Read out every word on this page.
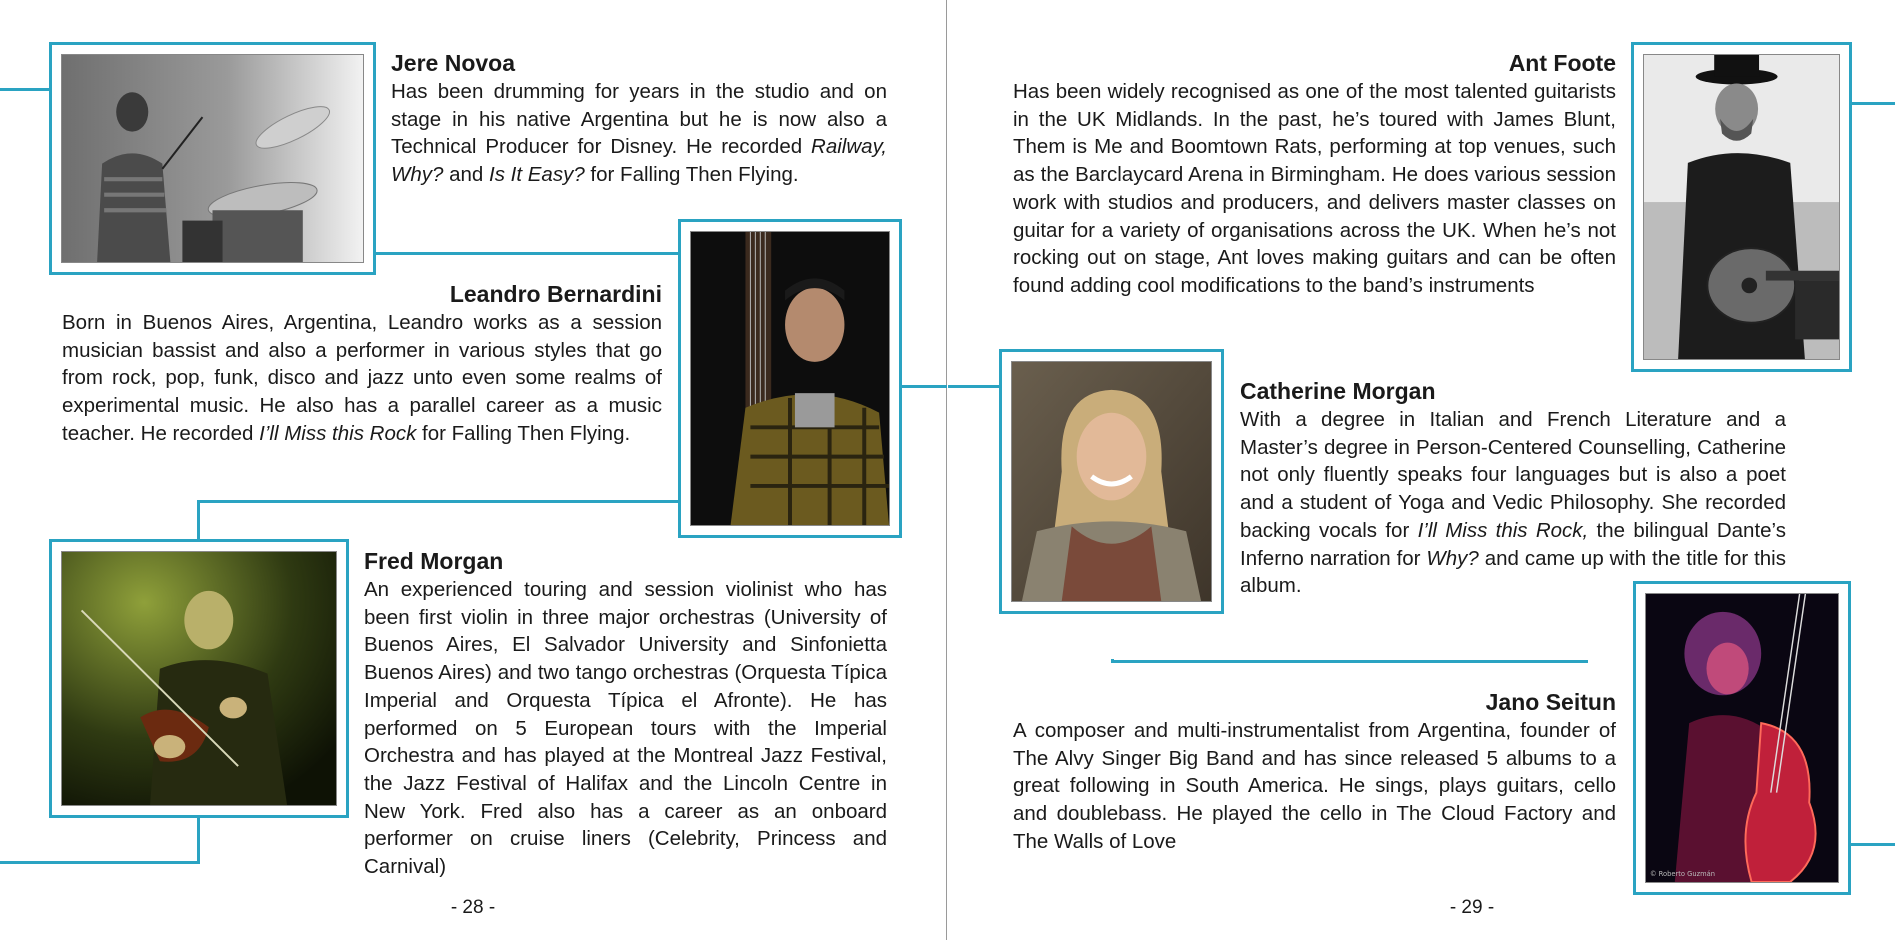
Jere Novoa
Has been drumming for years in the studio and on stage in his native Argentina but he is now also a Technical Producer for Disney. He recorded Railway, Why? and Is It Easy? for Falling Then Flying.
Leandro Bernardini
Born in Buenos Aires, Argentina, Leandro works as a session musician bassist and also a performer in various styles that go from rock, pop, funk, disco and jazz unto even some realms of experimental music. He also has a parallel career as a music teacher. He recorded I’ll Miss this Rock for Falling Then Flying.
Fred Morgan
An experienced touring and session violinist who has been first violin in three major orchestras (University of Buenos Aires, El Salvador University and Sinfonietta Buenos Aires) and two tango orchestras (Orquesta Típica Imperial and Orquesta Típica el Afronte). He has performed on 5 European tours with the Imperial Orchestra and has played at the Montreal Jazz Festival, the Jazz Festival of Halifax and the Lincoln Centre in New York. Fred also has a career as an onboard performer on cruise liners (Celebrity, Princess and Carnival)
- 28 -
Ant Foote
Has been widely recognised as one of the most talented guitarists in the UK Midlands. In the past, he’s toured with James Blunt, Them is Me and Boomtown Rats, performing at top venues, such as the Barclaycard Arena in Birmingham. He does various session work with studios and producers, and delivers master classes on guitar for a variety of organisations across the UK. When he’s not rocking out on stage, Ant loves making guitars and can be often found adding cool modifications to the band’s instruments
Catherine Morgan
With a degree in Italian and French Literature and a Master’s degree in Person-Centered Counselling, Catherine not only fluently speaks four languages but is also a poet and a student of Yoga and Vedic Philosophy. She recorded backing vocals for I’ll Miss this Rock, the bilingual Dante’s Inferno narration for Why? and came up with the title for this album.
© Roberto Guzmán
Jano Seitun
A composer and multi-instrumentalist from Argentina, founder of The Alvy Singer Big Band and has since released 5 albums to a great following in South America. He sings, plays guitars, cello and doublebass. He played the cello in The Cloud Factory and The Walls of Love
- 29 -
